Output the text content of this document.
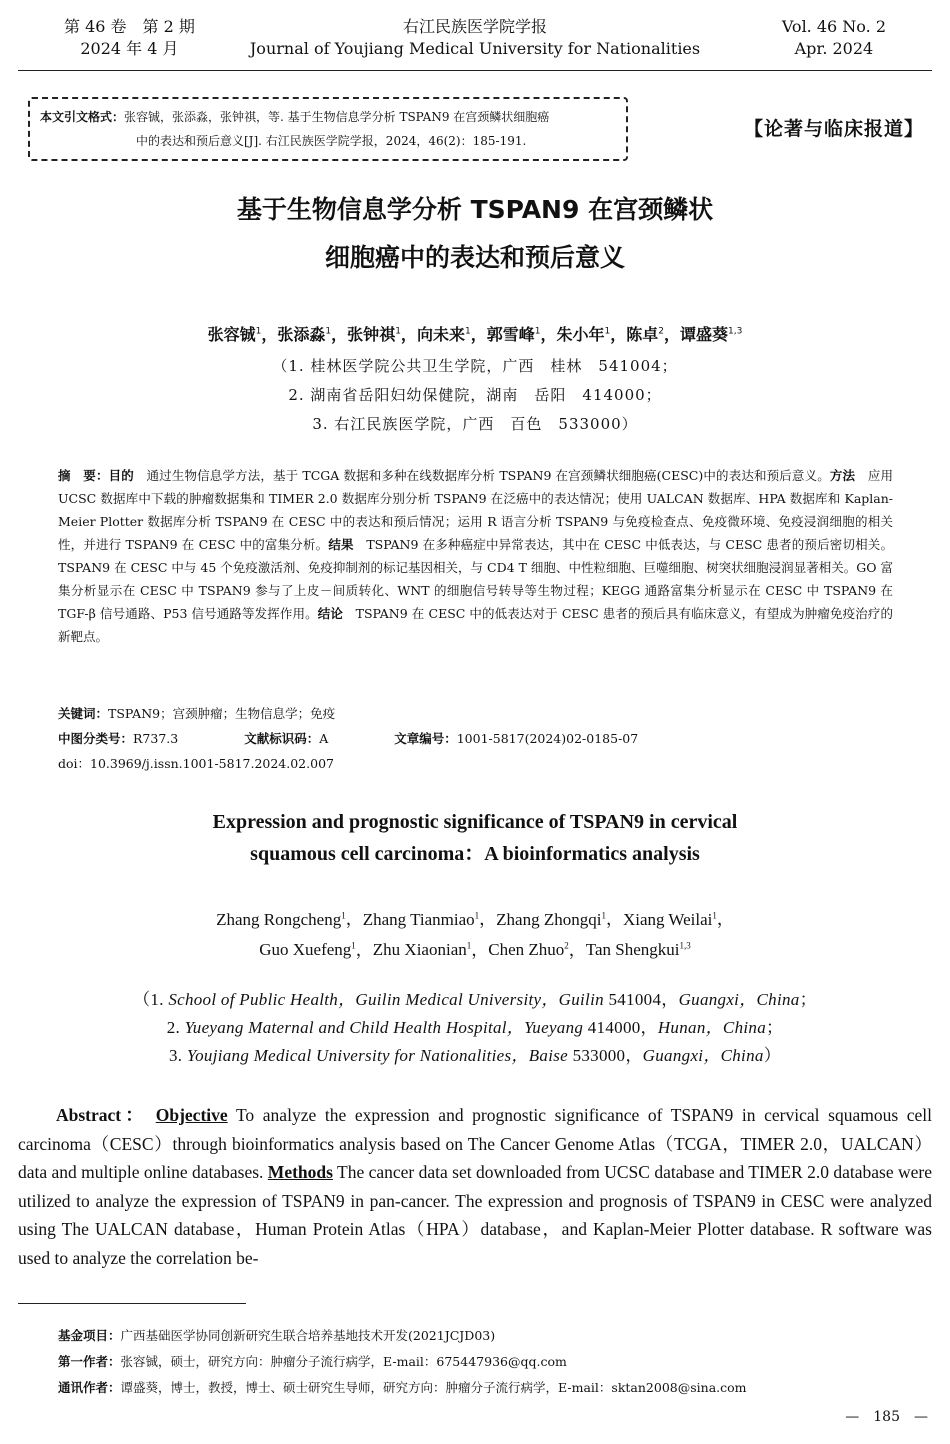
第 46 卷　第 2 期
2024 年 4 月
右江民族医学院学报
Journal of Youjiang Medical University for Nationalities
Vol. 46 No. 2
Apr. 2024
本文引文格式：张容铖，张添淼，张钟祺，等. 基于生物信息学分析 TSPAN9 在宫颈鳞状细胞癌
中的表达和预后意义[J]. 右江民族医学院学报，2024，46(2)：185-191.
【论著与临床报道】
基于生物信息学分析 TSPAN9 在宫颈鳞状
细胞癌中的表达和预后意义
张容铖$^1$，张添淼$^1$，张钟祺$^1$，向未来$^1$，郭雪峰$^1$，朱小年$^1$，陈卓$^2$，谭盛葵$^{1,3}$
（1. 桂林医学院公共卫生学院，广西　桂林　541004；
2. 湖南省岳阳妇幼保健院，湖南　岳阳　414000；
3. 右江民族医学院，广西　百色　533000）
摘　要：目的　通过生物信息学方法，基于 TCGA 数据和多种在线数据库分析 TSPAN9 在宫颈鳞状细胞癌(CESC)中的表达和预后意义。方法　应用 UCSC 数据库中下载的肿瘤数据集和 TIMER 2.0 数据库分别分析 TSPAN9 在泛癌中的表达情况；使用 UALCAN 数据库、HPA 数据库和 Kaplan-Meier Plotter 数据库分析 TSPAN9 在 CESC 中的表达和预后情况；运用 R 语言分析 TSPAN9 与免疫检查点、免疫微环境、免疫浸润细胞的相关性，并进行 TSPAN9 在 CESC 中的富集分析。结果　TSPAN9 在多种癌症中异常表达，其中在 CESC 中低表达，与 CESC 患者的预后密切相关。TSPAN9 在 CESC 中与 45 个免疫激活剂、免疫抑制剂的标记基因相关，与 CD4 T 细胞、中性粒细胞、巨噬细胞、树突状细胞浸润显著相关。GO 富集分析显示在 CESC 中 TSPAN9 参与了上皮－间质转化、WNT 的细胞信号转导等生物过程；KEGG 通路富集分析显示在 CESC 中 TSPAN9 在 TGF-β 信号通路、P53 信号通路等发挥作用。结论　TSPAN9 在 CESC 中的低表达对于 CESC 患者的预后具有临床意义，有望成为肿瘤免疫治疗的新靶点。
关键词：TSPAN9；宫颈肿瘤；生物信息学；免疫
中图分类号：R737.3	文献标识码：A	文章编号：1001-5817(2024)02-0185-07
doi：10.3969/j.issn.1001-5817.2024.02.007
Expression and prognostic significance of TSPAN9 in cervical
squamous cell carcinoma：A bioinformatics analysis
Zhang Rongcheng$^1$，Zhang Tianmiao$^1$，Zhang Zhongqi$^1$，Xiang Weilai$^1$，
Guo Xuefeng$^1$，Zhu Xiaonian$^1$，Chen Zhuo$^2$，Tan Shengkui$^{1,3}$
（1. School of Public Health，Guilin Medical University，Guilin 541004，Guangxi，China；
2. Yueyang Maternal and Child Health Hospital，Yueyang 414000，Hunan，China；
3. Youjiang Medical University for Nationalities，Baise 533000，Guangxi，China）
Abstract： Objective To analyze the expression and prognostic significance of TSPAN9 in cervical squamous cell carcinoma（CESC）through bioinformatics analysis based on The Cancer Genome Atlas（TCGA，TIMER 2.0，UALCAN）data and multiple online databases. Methods The cancer data set downloaded from UCSC database and TIMER 2.0 database were utilized to analyze the expression of TSPAN9 in pan-cancer. The expression and prognosis of TSPAN9 in CESC were analyzed using The UALCAN database，Human Protein Atlas（HPA）database，and Kaplan-Meier Plotter database. R software was used to analyze the correlation be-
基金项目：广西基础医学协同创新研究生联合培养基地技术开发(2021JCJD03)
第一作者：张容铖，硕士，研究方向：肿瘤分子流行病学，E-mail：675447936@qq.com
通讯作者：谭盛葵，博士，教授，博士、硕士研究生导师，研究方向：肿瘤分子流行病学，E-mail：sktan2008@sina.com
—　185　—
